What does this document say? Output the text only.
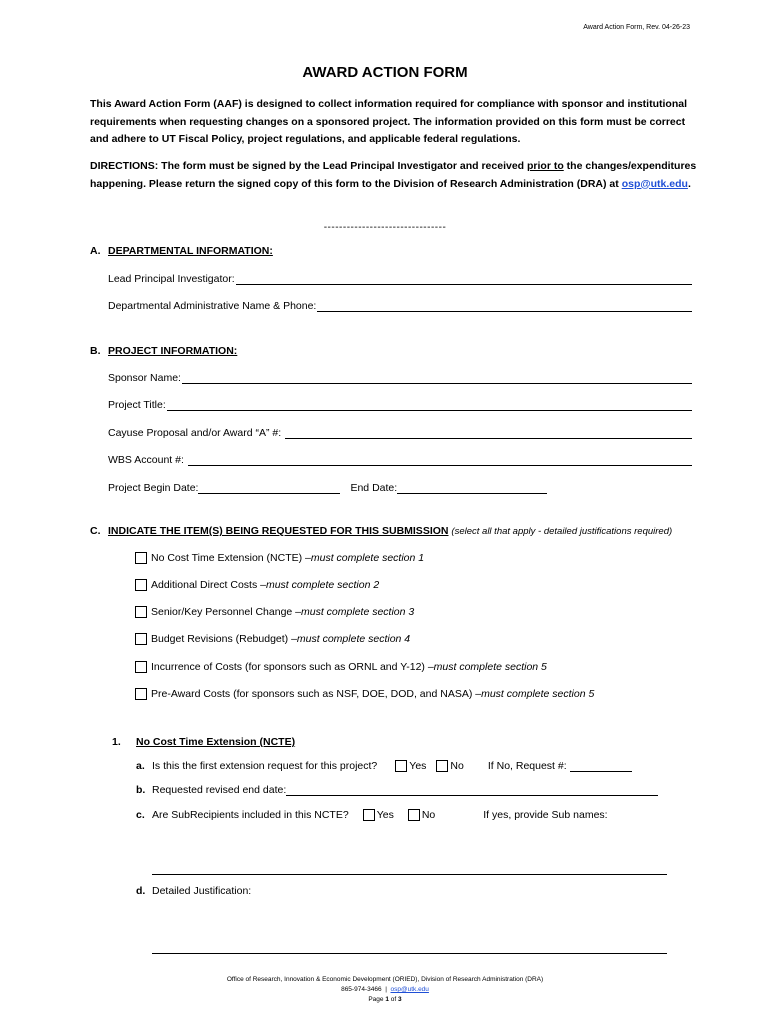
Award Action Form, Rev. 04-26-23
AWARD ACTION FORM
This Award Action Form (AAF) is designed to collect information required for compliance with sponsor and institutional requirements when requesting changes on a sponsored project. The information provided on this form must be correct and adhere to UT Fiscal Policy, project regulations, and applicable federal regulations.
DIRECTIONS: The form must be signed by the Lead Principal Investigator and received prior to the changes/expenditures happening. Please return the signed copy of this form to the Division of Research Administration (DRA) at osp@utk.edu.
--------------------------------
A. DEPARTMENTAL INFORMATION:
Lead Principal Investigator:
Departmental Administrative Name & Phone:
B. PROJECT INFORMATION:
Sponsor Name:
Project Title:
Cayuse Proposal and/or Award “A” #:
WBS Account #:
Project Begin Date:	End Date:
C. INDICATE THE ITEM(S) BEING REQUESTED FOR THIS SUBMISSION (select all that apply - detailed justifications required)
No Cost Time Extension (NCTE) – must complete section 1
Additional Direct Costs – must complete section 2
Senior/Key Personnel Change – must complete section 3
Budget Revisions (Rebudget) – must complete section 4
Incurrence of Costs (for sponsors such as ORNL and Y-12) – must complete section 5
Pre-Award Costs (for sponsors such as NSF, DOE, DOD, and NASA) – must complete section 5
1. No Cost Time Extension (NCTE)
a. Is this the first extension request for this project?	Yes No If No, Request #:
b. Requested revised end date:
c. Are SubRecipients included in this NCTE?	Yes	No	If yes, provide Sub names:
d. Detailed Justification:
Office of Research, Innovation & Economic Development (ORIED), Division of Research Administration (DRA)
865-974-3466 | osp@utk.edu
Page 1 of 3
